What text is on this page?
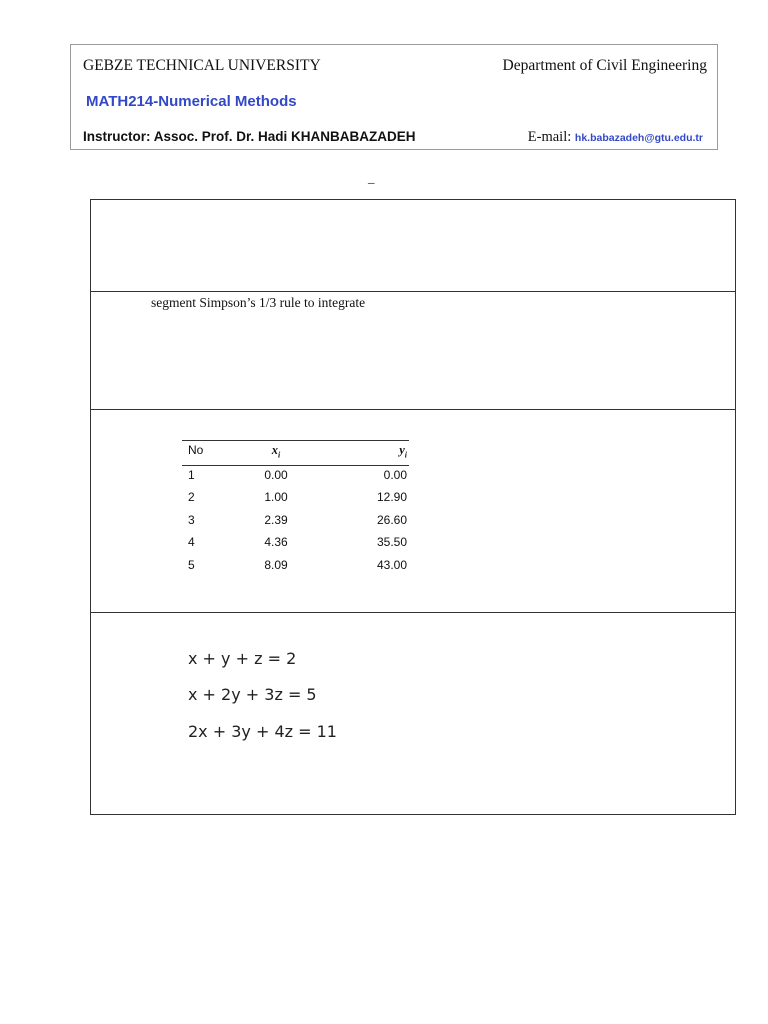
GEBZE TECHNICAL UNIVERSITY	Department of Civil Engineering
MATH214-Numerical Methods
Instructor: Assoc. Prof. Dr. Hadi KHANBABAZADEH	E-mail: hk.babazadeh@gtu.edu.tr
_
segment Simpson’s 1/3 rule to integrate
No	$x_i$	$y_i$
1	0.00	0.00
2	1.00	12.90
3	2.39	26.60
4	4.36	35.50
5	8.09	43.00
x + y + z = 2
x + 2y + 3z = 5
2x + 3y + 4z = 11
